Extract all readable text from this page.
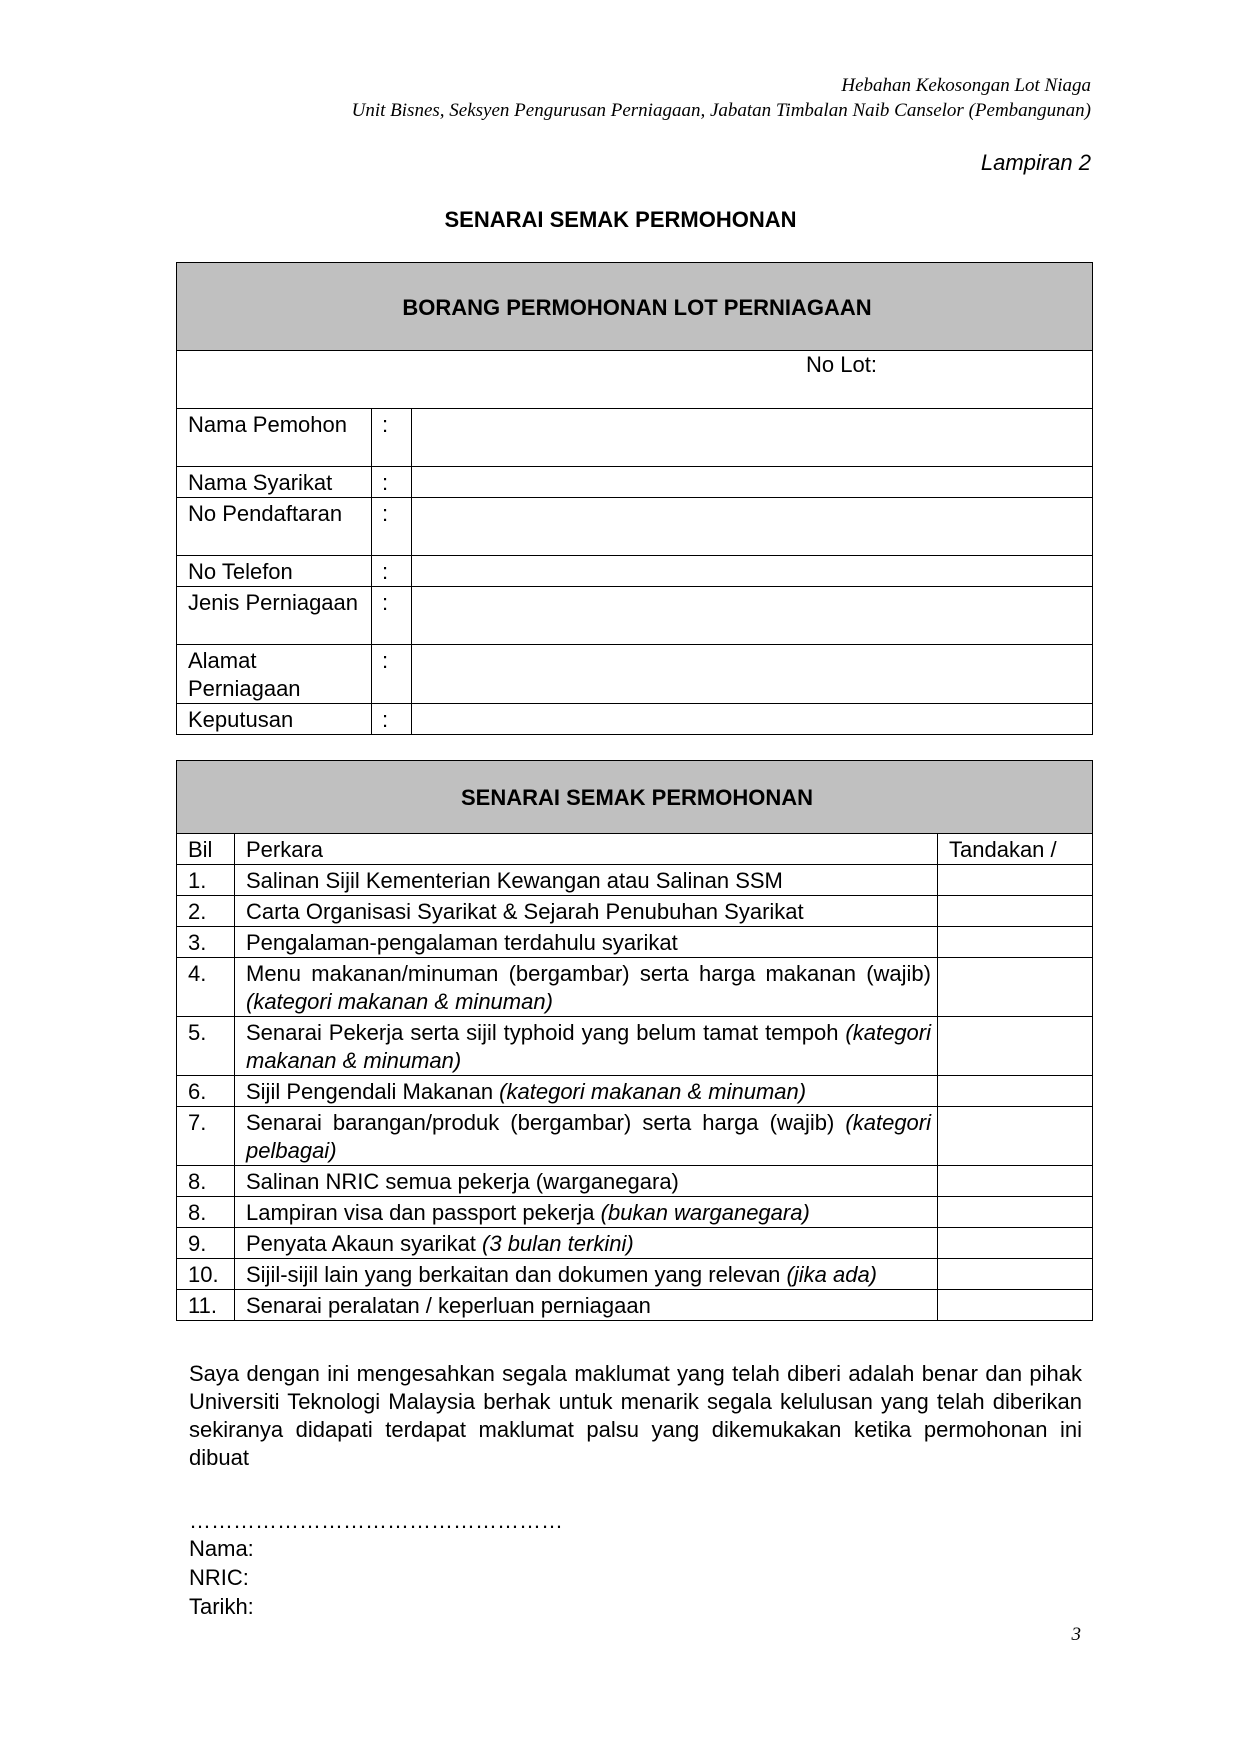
Hebahan Kekosongan Lot Niaga
Unit Bisnes, Seksyen Pengurusan Perniagaan, Jabatan Timbalan Naib Canselor (Pembangunan)
Lampiran 2
SENARAI SEMAK PERMOHONAN
BORANG PERMOHONAN LOT PERNIAGAAN		
No Lot:		
Nama Pemohon	:	
Nama Syarikat	:	
No Pendaftaran	:	
No Telefon	:	
Jenis Perniagaan	:	
Alamat Perniagaan	:	
Keputusan	:	
SENARAI SEMAK PERMOHONAN		
Bil	Perkara	Tandakan /
1.	Salinan Sijil Kementerian Kewangan atau Salinan SSM	
2.	Carta Organisasi Syarikat & Sejarah Penubuhan Syarikat	
3.	Pengalaman-pengalaman terdahulu syarikat	
4.	Menu makanan/minuman (bergambar) serta harga makanan (wajib) (kategori makanan & minuman)	
5.	Senarai Pekerja serta sijil typhoid yang belum tamat tempoh (kategori makanan & minuman)	
6.	Sijil Pengendali Makanan (kategori makanan & minuman)	
7.	Senarai barangan/produk (bergambar) serta harga (wajib) (kategori pelbagai)	
8.	Salinan NRIC semua pekerja (warganegara)	
8.	Lampiran visa dan passport pekerja (bukan warganegara)	
9.	Penyata Akaun syarikat (3 bulan terkini)	
10.	Sijil-sijil lain yang berkaitan dan dokumen yang relevan (jika ada)	
11.	Senarai peralatan / keperluan perniagaan	
Saya dengan ini mengesahkan segala maklumat yang telah diberi adalah benar dan pihak Universiti Teknologi Malaysia berhak untuk menarik segala kelulusan yang telah diberikan sekiranya didapati terdapat maklumat palsu yang dikemukakan ketika permohonan ini dibuat
……………………………………………
Nama:
NRIC:
Tarikh:
3
